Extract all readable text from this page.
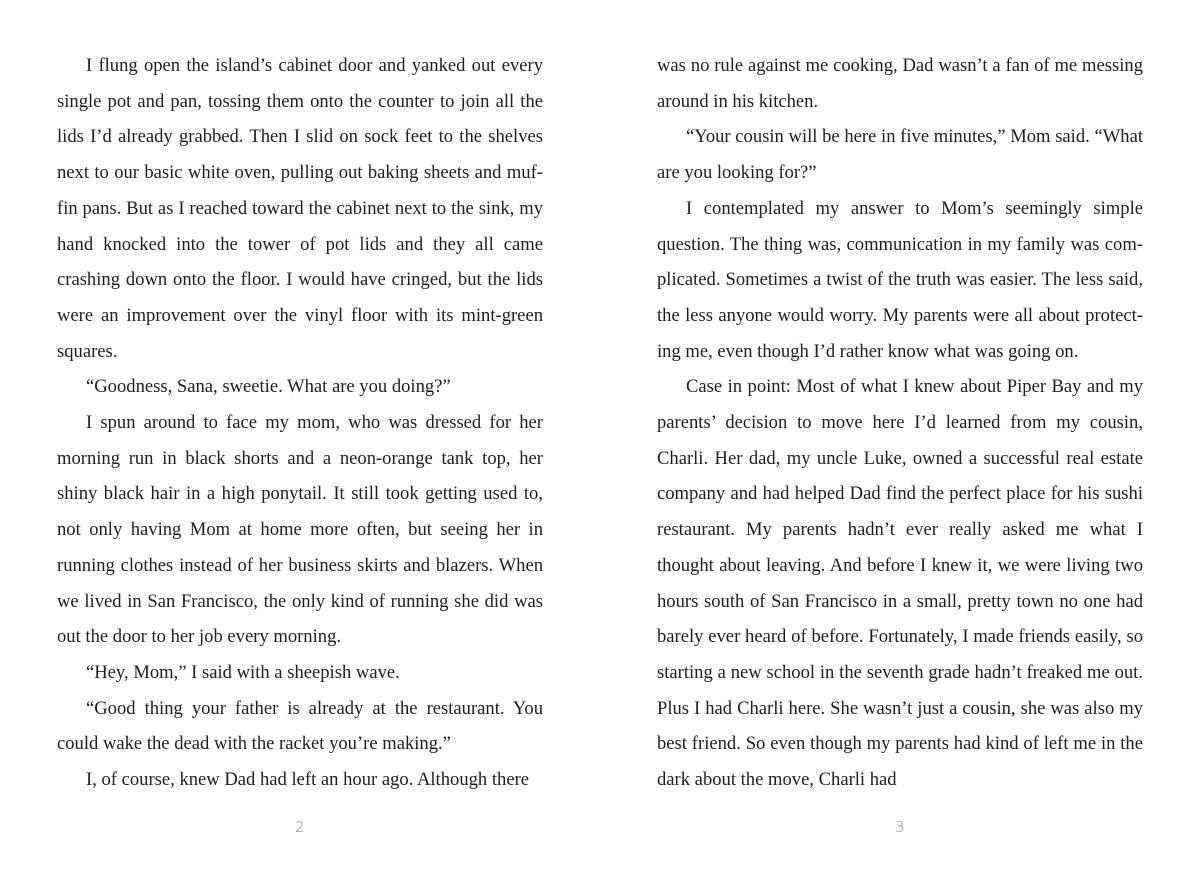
I flung open the island’s cabinet door and yanked out every single pot and pan, tossing them onto the counter to join all the lids I’d already grabbed. Then I slid on sock feet to the shelves next to our basic white oven, pulling out baking sheets and muffin pans. But as I reached toward the cabinet next to the sink, my hand knocked into the tower of pot lids and they all came crashing down onto the floor. I would have cringed, but the lids were an improvement over the vinyl floor with its mint-green squares.

“Goodness, Sana, sweetie. What are you doing?”

I spun around to face my mom, who was dressed for her morning run in black shorts and a neon-orange tank top, her shiny black hair in a high ponytail. It still took getting used to, not only having Mom at home more often, but seeing her in running clothes instead of her business skirts and blazers. When we lived in San Francisco, the only kind of running she did was out the door to her job every morning.

“Hey, Mom,” I said with a sheepish wave.

“Good thing your father is already at the restaurant. You could wake the dead with the racket you’re making.”

I, of course, knew Dad had left an hour ago. Although there

2

was no rule against me cooking, Dad wasn’t a fan of me messing around in his kitchen.

“Your cousin will be here in five minutes,” Mom said. “What are you looking for?”

I contemplated my answer to Mom’s seemingly simple question. The thing was, communication in my family was complicated. Sometimes a twist of the truth was easier. The less said, the less anyone would worry. My parents were all about protecting me, even though I’d rather know what was going on.

Case in point: Most of what I knew about Piper Bay and my parents’ decision to move here I’d learned from my cousin, Charli. Her dad, my uncle Luke, owned a successful real estate company and had helped Dad find the perfect place for his sushi restaurant. My parents hadn’t ever really asked me what I thought about leaving. And before I knew it, we were living two hours south of San Francisco in a small, pretty town no one had barely ever heard of before. Fortunately, I made friends easily, so starting a new school in the seventh grade hadn’t freaked me out. Plus I had Charli here. She wasn’t just a cousin, she was also my best friend. So even though my parents had kind of left me in the dark about the move, Charli had

3
